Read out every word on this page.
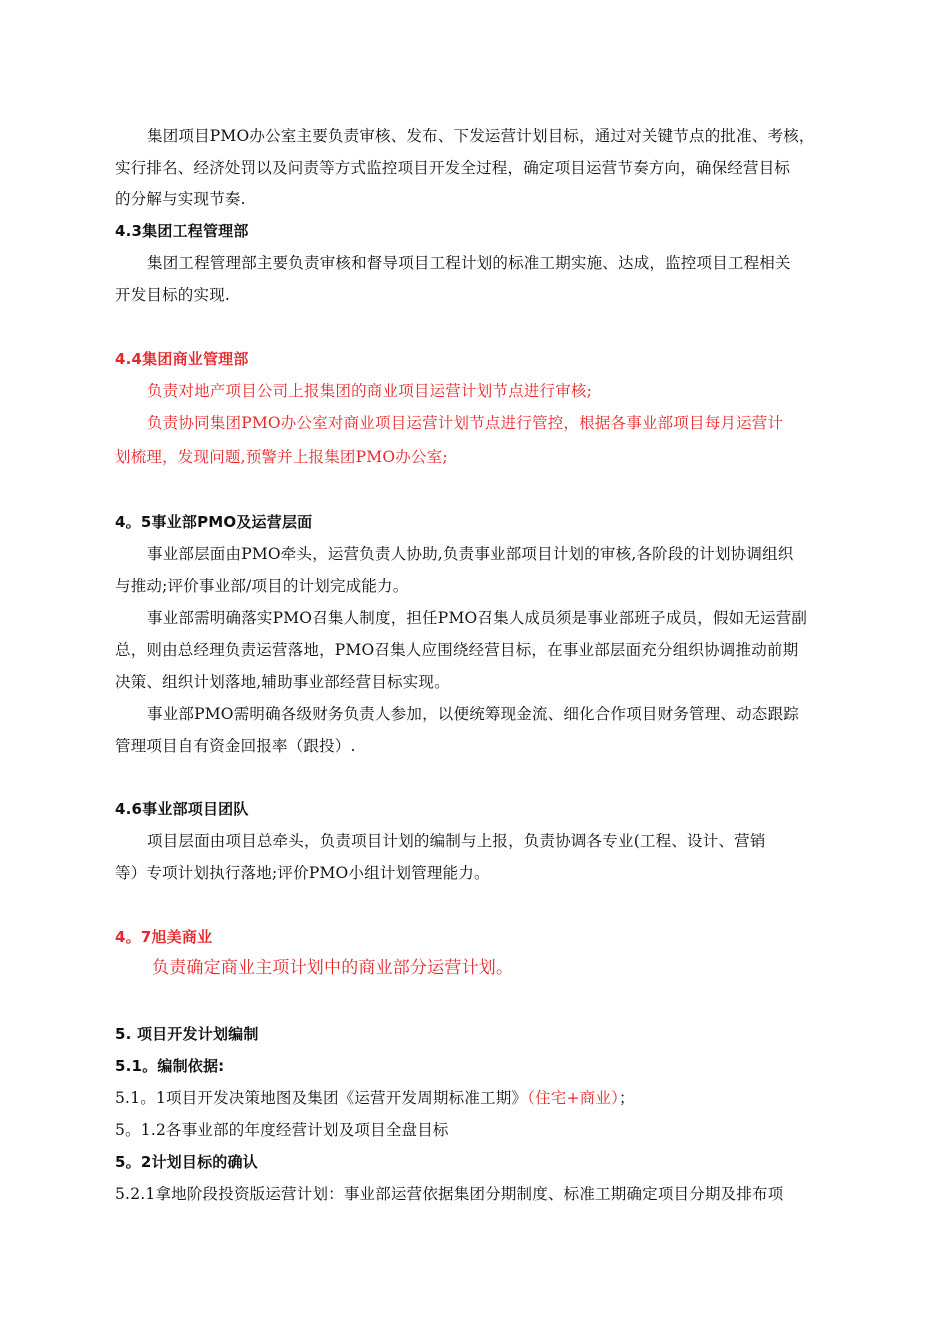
集团项目PMO办公室主要负责审核、发布、下发运营计划目标，通过对关键节点的批准、考核，
实行排名、经济处罚以及问责等方式监控项目开发全过程，确定项目运营节奏方向，确保经营目标
的分解与实现节奏.
4.3集团工程管理部
集团工程管理部主要负责审核和督导项目工程计划的标准工期实施、达成，监控项目工程相关
开发目标的实现.
4.4集团商业管理部
负责对地产项目公司上报集团的商业项目运营计划节点进行审核;
负责协同集团PMO办公室对商业项目运营计划节点进行管控，根据各事业部项目每月运营计
划梳理，发现问题,预警并上报集团PMO办公室;
4。5事业部PMO及运营层面
事业部层面由PMO牵头，运营负责人协助,负责事业部项目计划的审核,各阶段的计划协调组织
与推动;评价事业部/项目的计划完成能力。
事业部需明确落实PMO召集人制度，担任PMO召集人成员须是事业部班子成员，假如无运营副
总，则由总经理负责运营落地，PMO召集人应围绕经营目标，在事业部层面充分组织协调推动前期
决策、组织计划落地,辅助事业部经营目标实现。
事业部PMO需明确各级财务负责人参加，以便统筹现金流、细化合作项目财务管理、动态跟踪
管理项目自有资金回报率（跟投）.
4.6事业部项目团队
项目层面由项目总牵头，负责项目计划的编制与上报，负责协调各专业(工程、设计、营销
等）专项计划执行落地;评价PMO小组计划管理能力。
4。7旭美商业
负责确定商业主项计划中的商业部分运营计划。
5. 项目开发计划编制
5.1。编制依据:
5.1。1项目开发决策地图及集团《运营开发周期标准工期》（住宅+商业）；
5。1.2各事业部的年度经营计划及项目全盘目标
5。2计划目标的确认
5.2.1拿地阶段投资版运营计划：事业部运营依据集团分期制度、标准工期确定项目分期及排布项
